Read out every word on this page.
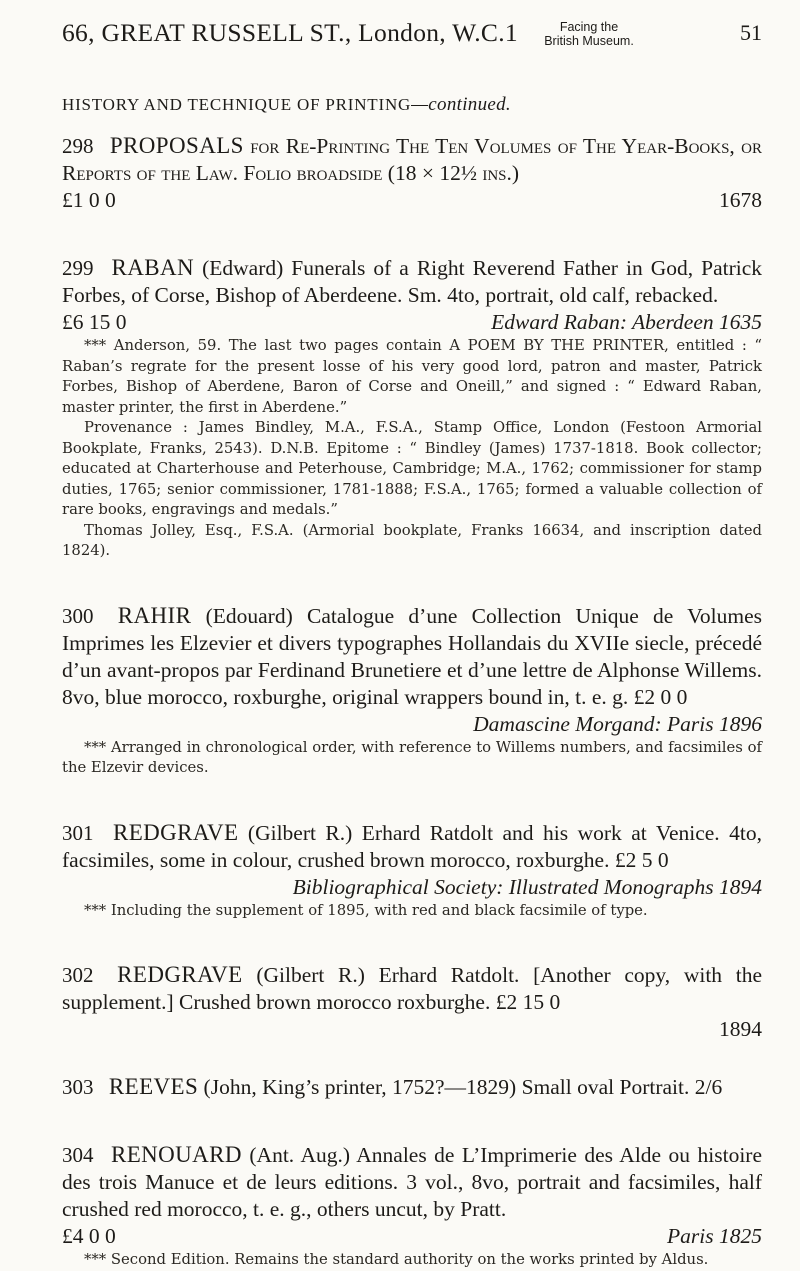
66, GREAT RUSSELL ST., London, W.C.1	Facing the
British Museum.	51
HISTORY AND TECHNIQUE OF PRINTING—continued.
298 PROPOSALS for Re-Printing The Ten Volumes of The Year-Books, or Reports of the Law. Folio broadside (18 × 12½ ins.)
£1 0 0	1678
299 RABAN (Edward) Funerals of a Right Reverend Father in God, Patrick Forbes, of Corse, Bishop of Aberdeene. Sm. 4to, portrait, old calf, rebacked.
£6 15 0	Edward Raban: Aberdeen 1635
*** Anderson, 59. The last two pages contain A POEM BY THE PRINTER, entitled : “ Raban’s regrate for the present losse of his very good lord, patron and master, Patrick Forbes, Bishop of Aberdene, Baron of Corse and Oneill,” and signed : “ Edward Raban, master printer, the first in Aberdene.”
Provenance : James Bindley, M.A., F.S.A., Stamp Office, London (Festoon Armorial Bookplate, Franks, 2543). D.N.B. Epitome : “ Bindley (James) 1737-1818. Book collector; educated at Charterhouse and Peterhouse, Cambridge; M.A., 1762; commissioner for stamp duties, 1765; senior commissioner, 1781-1888; F.S.A., 1765; formed a valuable collection of rare books, engravings and medals.”
Thomas Jolley, Esq., F.S.A. (Armorial bookplate, Franks 16634, and inscription dated 1824).
300 RAHIR (Edouard) Catalogue d’une Collection Unique de Volumes Imprimes les Elzevier et divers typographes Hollandais du XVIIe siecle, précedé d’un avant-propos par Ferdinand Brunetiere et d’une lettre de Alphonse Willems. 8vo, blue morocco, roxburghe, original wrappers bound in, t. e. g. £2 0 0
Damascine Morgand: Paris 1896
*** Arranged in chronological order, with reference to Willems numbers, and facsimiles of the Elzevir devices.
301 REDGRAVE (Gilbert R.) Erhard Ratdolt and his work at Venice. 4to, facsimiles, some in colour, crushed brown morocco, roxburghe. £2 5 0
Bibliographical Society: Illustrated Monographs 1894
*** Including the supplement of 1895, with red and black facsimile of type.
302 REDGRAVE (Gilbert R.) Erhard Ratdolt. [Another copy, with the supplement.] Crushed brown morocco roxburghe. £2 15 0
1894
303 REEVES (John, King’s printer, 1752?—1829) Small oval Portrait. 2/6
304 RENOUARD (Ant. Aug.) Annales de L’Imprimerie des Alde ou histoire des trois Manuce et de leurs editions. 3 vol., 8vo, portrait and facsimiles, half crushed red morocco, t. e. g., others uncut, by Pratt.
£4 0 0	Paris 1825
*** Second Edition. Remains the standard authority on the works printed by Aldus.
